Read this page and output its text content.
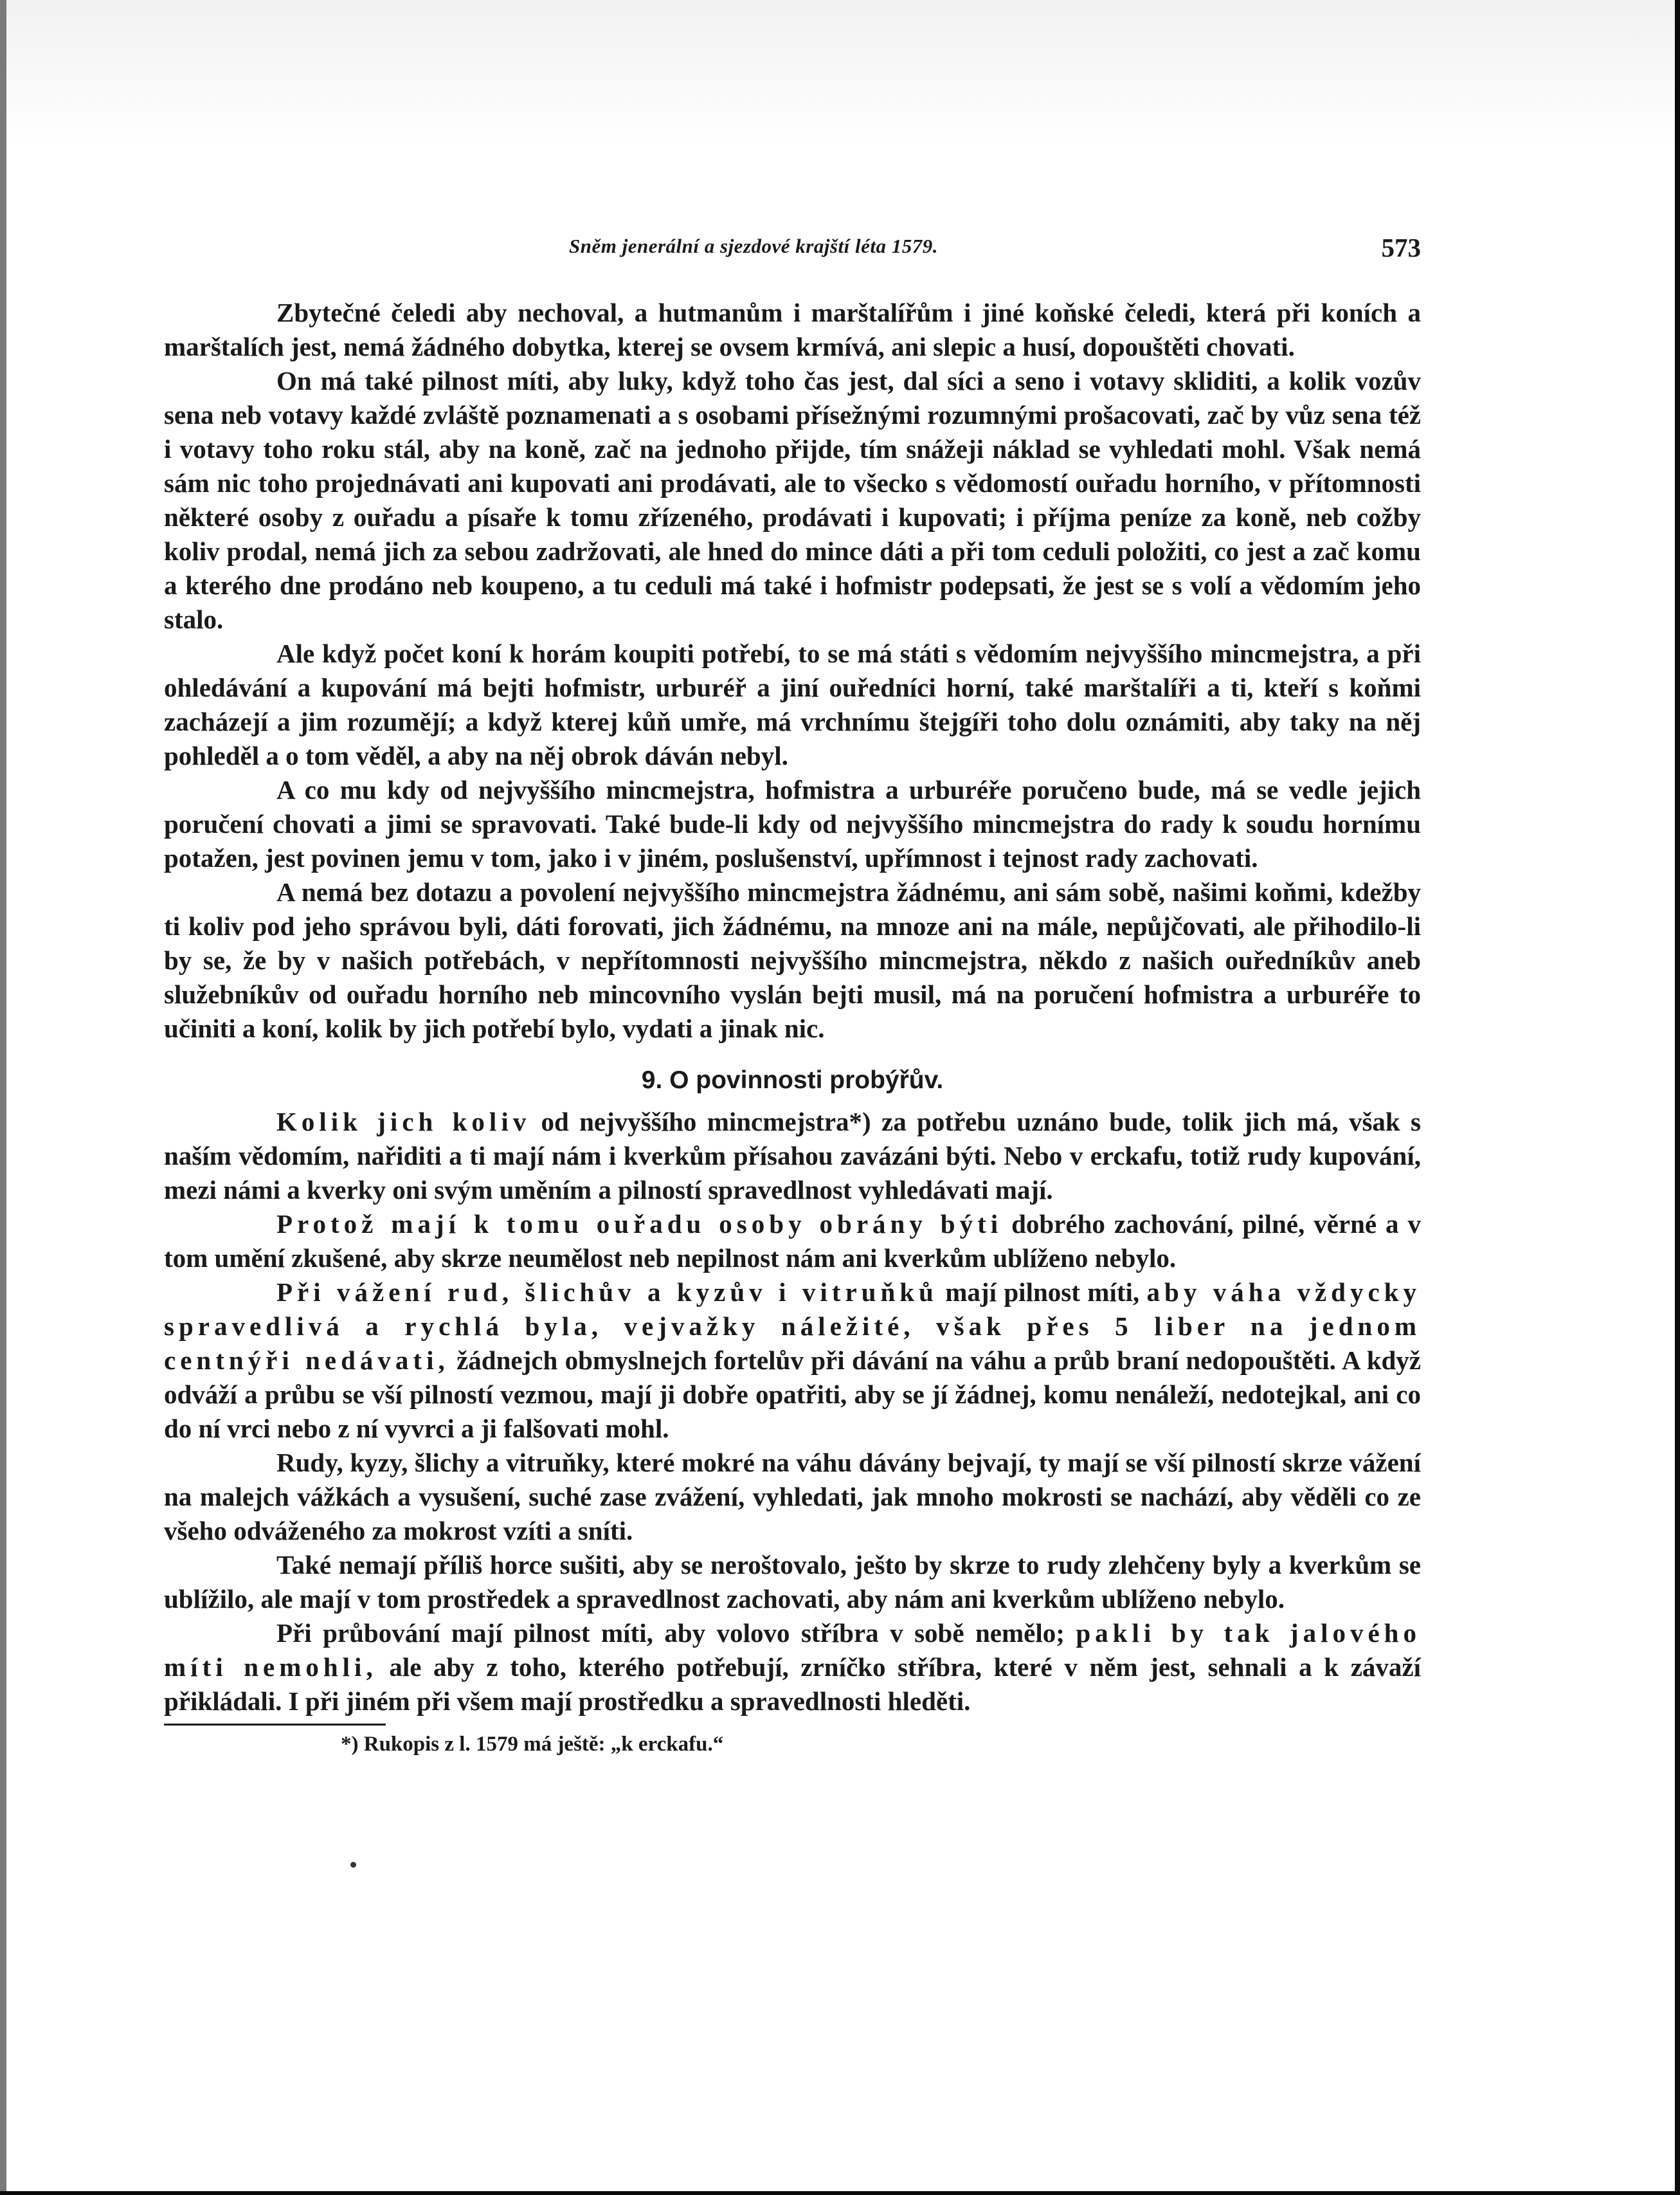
Sněm jenerální a sjezdové krajští léta 1579.	573

Zbytečné čeledi aby nechoval, a hutmanům i marštalířům i jiné koňské čeledi, která při koních a marštalích jest, nemá žádného dobytka, kterej se ovsem krmívá, ani slepic a husí, dopouštěti chovati.

On má také pilnost míti, aby luky, když toho čas jest, dal síci a seno i votavy skliditi, a kolik vozův sena neb votavy každé zvláště poznamenati a s osobami přísežnými rozumnými prošacovati, zač by vůz sena též i votavy toho roku stál, aby na koně, zač na jednoho přijde, tím snážeji náklad se vyhledati mohl. Však nemá sám nic toho projednávati ani kupovati ani prodávati, ale to všecko s vědomostí ouřadu horního, v přítomnosti některé osoby z ouřadu a písaře k tomu zřízeného, prodávati i kupovati; i příjma peníze za koně, neb cožby koliv prodal, nemá jich za sebou zadržovati, ale hned do mince dáti a při tom ceduli položiti, co jest a zač komu a kterého dne prodáno neb koupeno, a tu ceduli má také i hofmistr podepsati, že jest se s volí a vědomím jeho stalo.

Ale když počet koní k horám koupiti potřebí, to se má státi s vědomím nejvyššího mincmejstra, a při ohledávání a kupování má bejti hofmistr, urburéř a jiní ouředníci horní, také marštalíři a ti, kteří s koňmi zacházejí a jim rozumějí; a když kterej kůň umře, má vrchnímu štejgíři toho dolu oznámiti, aby taky na něj pohleděl a o tom věděl, a aby na něj obrok dáván nebyl.

A co mu kdy od nejvyššího mincmejstra, hofmistra a urburéře poručeno bude, má se vedle jejich poručení chovati a jimi se spravovati. Také bude-li kdy od nejvyššího mincmejstra do rady k soudu hornímu potažen, jest povinen jemu v tom, jako i v jiném, poslušenství, upřímnost i tejnost rady zachovati.

A nemá bez dotazu a povolení nejvyššího mincmejstra žádnému, ani sám sobě, našimi koňmi, kdežby ti koliv pod jeho správou byli, dáti forovati, jich žádnému, na mnoze ani na mále, nepůjčovati, ale přihodilo-li by se, že by v našich potřebách, v nepřítomnosti nejvyššího mincmejstra, někdo z našich ouředníkův aneb služebníkův od ouřadu horního neb mincovního vyslán bejti musil, má na poručení hofmistra a urburéře to učiniti a koní, kolik by jich potřebí bylo, vydati a jinak nic.

9. O povinnosti probýřův.

Kolik jich koliv od nejvyššího mincmejstra*) za potřebu uznáno bude, tolik jich má, však s naším vědomím, nařiditi a ti mají nám i kverkům přísahou zavázáni býti. Nebo v erckafu, totiž rudy kupování, mezi námi a kverky oni svým uměním a pilností spravedlnost vyhledávati mají.

Protož mají k tomu ouřadu osoby obrány býti dobrého zachování, pilné, věrné a v tom umění zkušené, aby skrze neumělost neb nepilnost nám ani kverkům ublíženo nebylo.

Při vážení rud, šlichův a kyzův i vitruňků mají pilnost míti, aby váha vždycky spravedlivá a rychlá byla, vejvažky náležité, však přes 5 liber na jednom centnýři nedávati, žádnejch obmyslnejch fortelův při dávání na váhu a průb braní nedopouštěti. A když odváží a průbu se vší pilností vezmou, mají ji dobře opatřiti, aby se jí žádnej, komu nenáleží, nedotejkal, ani co do ní vrci nebo z ní vyvrci a ji falšovati mohl.

Rudy, kyzy, šlichy a vitruňky, které mokré na váhu dávány bejvají, ty mají se vší pilností skrze vážení na malejch vážkách a vysušení, suché zase zvážení, vyhledati, jak mnoho mokrosti se nachází, aby věděli co ze všeho odváženého za mokrost vzíti a sníti.

Také nemají příliš horce sušiti, aby se neroštovalo, ješto by skrze to rudy zlehčeny byly a kverkům se ublížilo, ale mají v tom prostředek a spravedlnost zachovati, aby nám ani kverkům ublíženo nebylo.

Při průbování mají pilnost míti, aby volovo stříbra v sobě nemělo; pakli by tak jalového míti nemohli, ale aby z toho, kterého potřebují, zrníčko stříbra, které v něm jest, sehnali a k závaží přikládali. I při jiném při všem mají prostředku a spravedlnosti hleděti.

*) Rukopis z l. 1579 má ještě: „k erckafu.“
